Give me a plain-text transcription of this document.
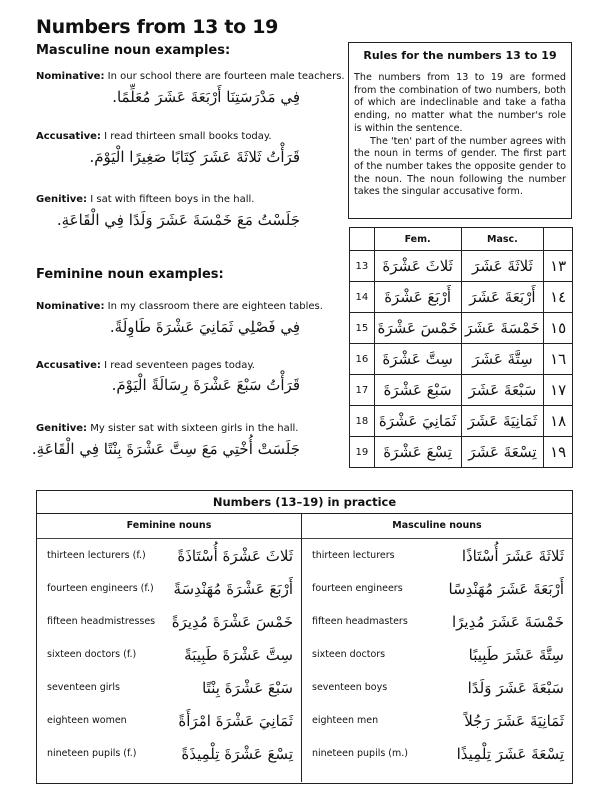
Numbers from 13 to 19
Masculine noun examples:
Nominative: In our school there are fourteen male teachers.
فِي مَدْرَسَتِنَا أَرْبَعَةَ عَشَرَ مُعَلِّمًا.
Accusative: I read thirteen small books today.
قَرَأْتُ ثَلاثَةَ عَشَرَ كِتَابًا صَغِيرًا الْيَوْمَ.
Genitive: I sat with fifteen boys in the hall.
جَلَسْتُ مَعَ خَمْسَةَ عَشَرَ وَلَدًا فِي الْقَاعَةِ.
Feminine noun examples:
Nominative: In my classroom there are eighteen tables.
فِي فَصْلِي ثَمَانِيَ عَشْرَةَ طَاوِلَةً.
Accusative: I read seventeen pages today.
قَرَأْتُ سَبْعَ عَشْرَةَ رِسَالَةً الْيَوْمَ.
Genitive: My sister sat with sixteen girls in the hall.
جَلَسَتْ أُخْتِي مَعَ سِتَّ عَشْرَةَ بِنْتًا فِي الْقَاعَةِ.
Rules for the numbers 13 to 19

The numbers from 13 to 19 are formed from the combination of two numbers, both of which are indeclinable and take a fatha ending, no matter what the number's role is within the sentence.

The 'ten' part of the number agrees with the noun in terms of gender. The first part of the number takes the opposite gender to the noun. The noun following the number takes the singular accusative form.

	Fem.	Masc.	
13	ثَلاثَ عَشْرَةَ	ثَلاثَةَ عَشَرَ	١٣
14	أَرْبَعَ عَشْرَةَ	أَرْبَعَةَ عَشَرَ	١٤
15	خَمْسَ عَشْرَةَ	خَمْسَةَ عَشَرَ	١٥
16	سِتَّ عَشْرَةَ	سِتَّةَ عَشَرَ	١٦
17	سَبْعَ عَشْرَةَ	سَبْعَةَ عَشَرَ	١٧
18	ثَمَانِيَ عَشْرَةَ	ثَمَانِيَةَ عَشَرَ	١٨
19	تِسْعَ عَشْرَةَ	تِسْعَةَ عَشَرَ	١٩
Numbers (13–19) in practice
Feminine nouns
thirteen lecturers (f.) ثَلاثَ عَشْرَةَ أُسْتَاذَةً
fourteen engineers (f.) أَرْبَعَ عَشْرَةَ مُهَنْدِسَةً
fifteen headmistresses خَمْسَ عَشْرَةَ مُدِيرَةً
sixteen doctors (f.)	سِتَّ عَشْرَةَ طَبِيبَةً
seventeen girls	سَبْعَ عَشْرَةَ بِنْتًا
eighteen women	ثَمَانِيَ عَشْرَةَ امْرَأَةً
nineteen pupils (f.)	تِسْعَ عَشْرَةَ تِلْمِيذَةً
Masculine nouns
thirteen lecturers	ثَلاثَةَ عَشَرَ أُسْتَاذًا
fourteen engineers	أَرْبَعَةَ عَشَرَ مُهَنْدِسًا
fifteen headmasters	خَمْسَةَ عَشَرَ مُدِيرًا
sixteen doctors	سِتَّةَ عَشَرَ طَبِيبًا
seventeen boys	سَبْعَةَ عَشَرَ وَلَدًا
eighteen men	ثَمَانِيَةَ عَشَرَ رَجُلاً
nineteen pupils (m.)	تِسْعَةَ عَشَرَ تِلْمِيذًا
